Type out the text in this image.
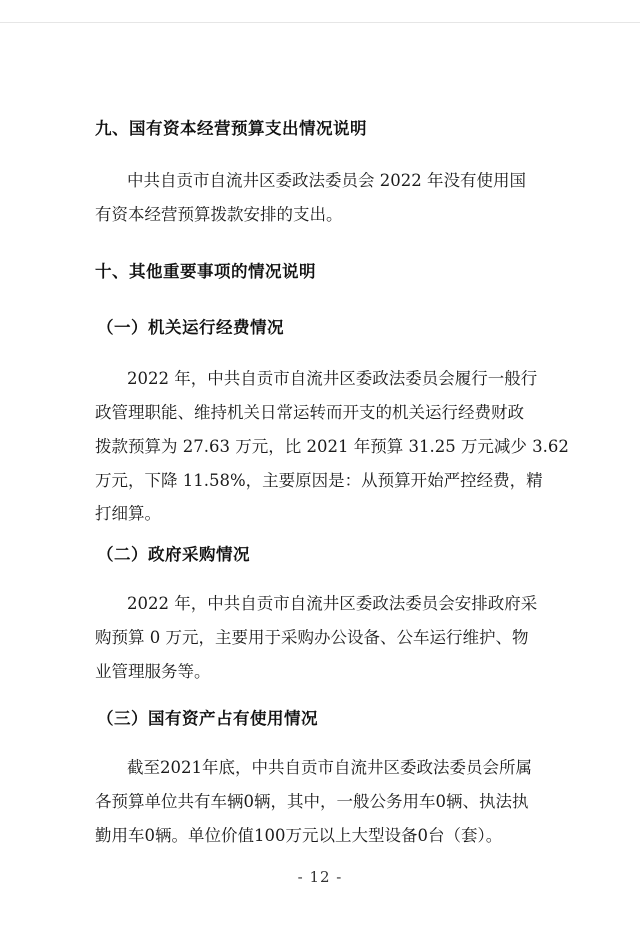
九、国有资本经营预算支出情况说明
中共自贡市自流井区委政法委员会 2022 年没有使用国
有资本经营预算拨款安排的支出。
十、其他重要事项的情况说明
（一）机关运行经费情况
2022 年，中共自贡市自流井区委政法委员会履行一般行
政管理职能、维持机关日常运转而开支的机关运行经费财政
拨款预算为 27.63 万元，比 2021 年预算 31.25 万元减少 3.62
万元，下降 11.58%，主要原因是：从预算开始严控经费，精
打细算。
（二）政府采购情况
2022 年，中共自贡市自流井区委政法委员会安排政府采
购预算 0 万元，主要用于采购办公设备、公车运行维护、物
业管理服务等。
（三）国有资产占有使用情况
截至2021年底，中共自贡市自流井区委政法委员会所属
各预算单位共有车辆0辆，其中，一般公务用车0辆、执法执
勤用车0辆。单位价值100万元以上大型设备0台（套）。
- 12 -
